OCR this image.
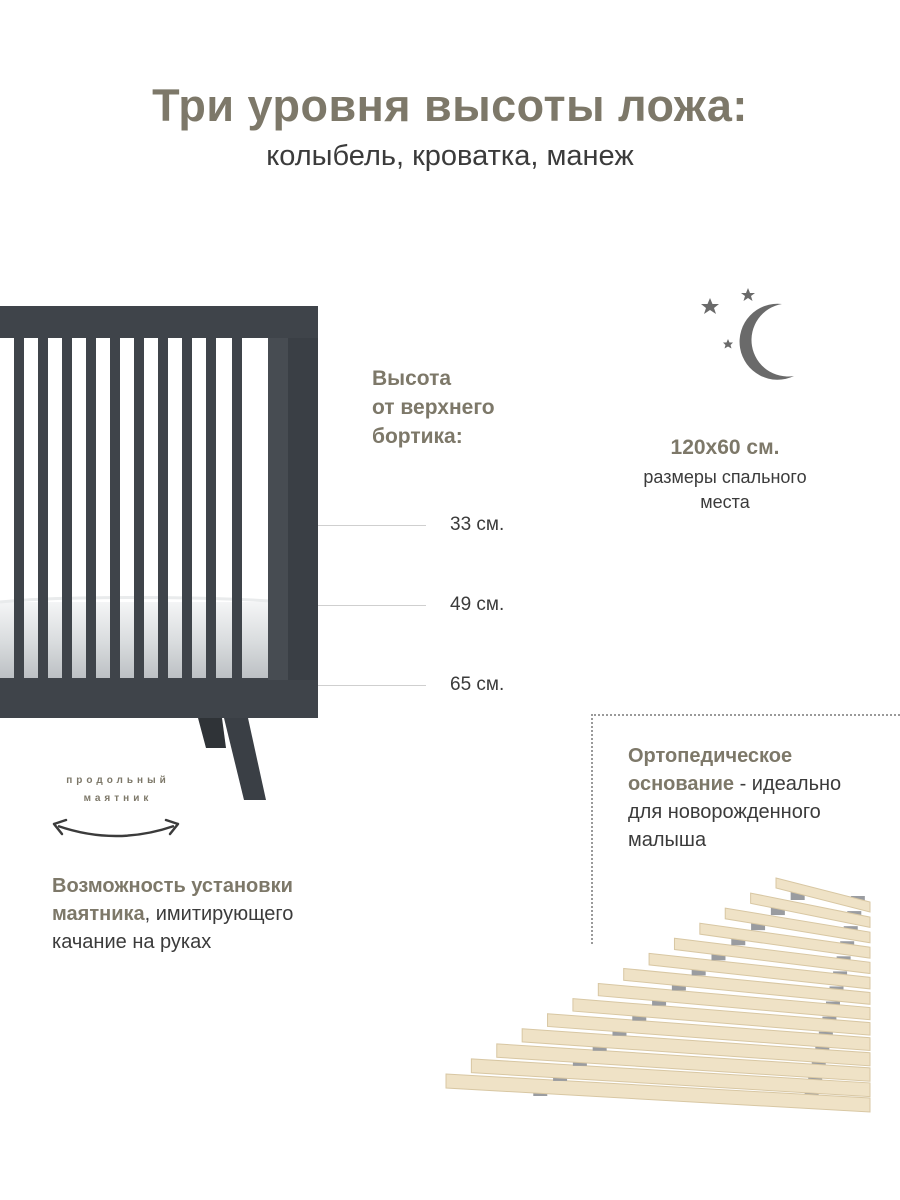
Три уровня высоты ложа:
колыбель, кроватка, манеж
Высота
от верхнего
бортика:
33 см.
49 см.
65 см.
120x60 см.
размеры спального
места
Ортопедическое
основание - идеально
для новорожденного
малыша
продольный
маятник
Возможность установки
маятника, имитирующего
качание на руках
